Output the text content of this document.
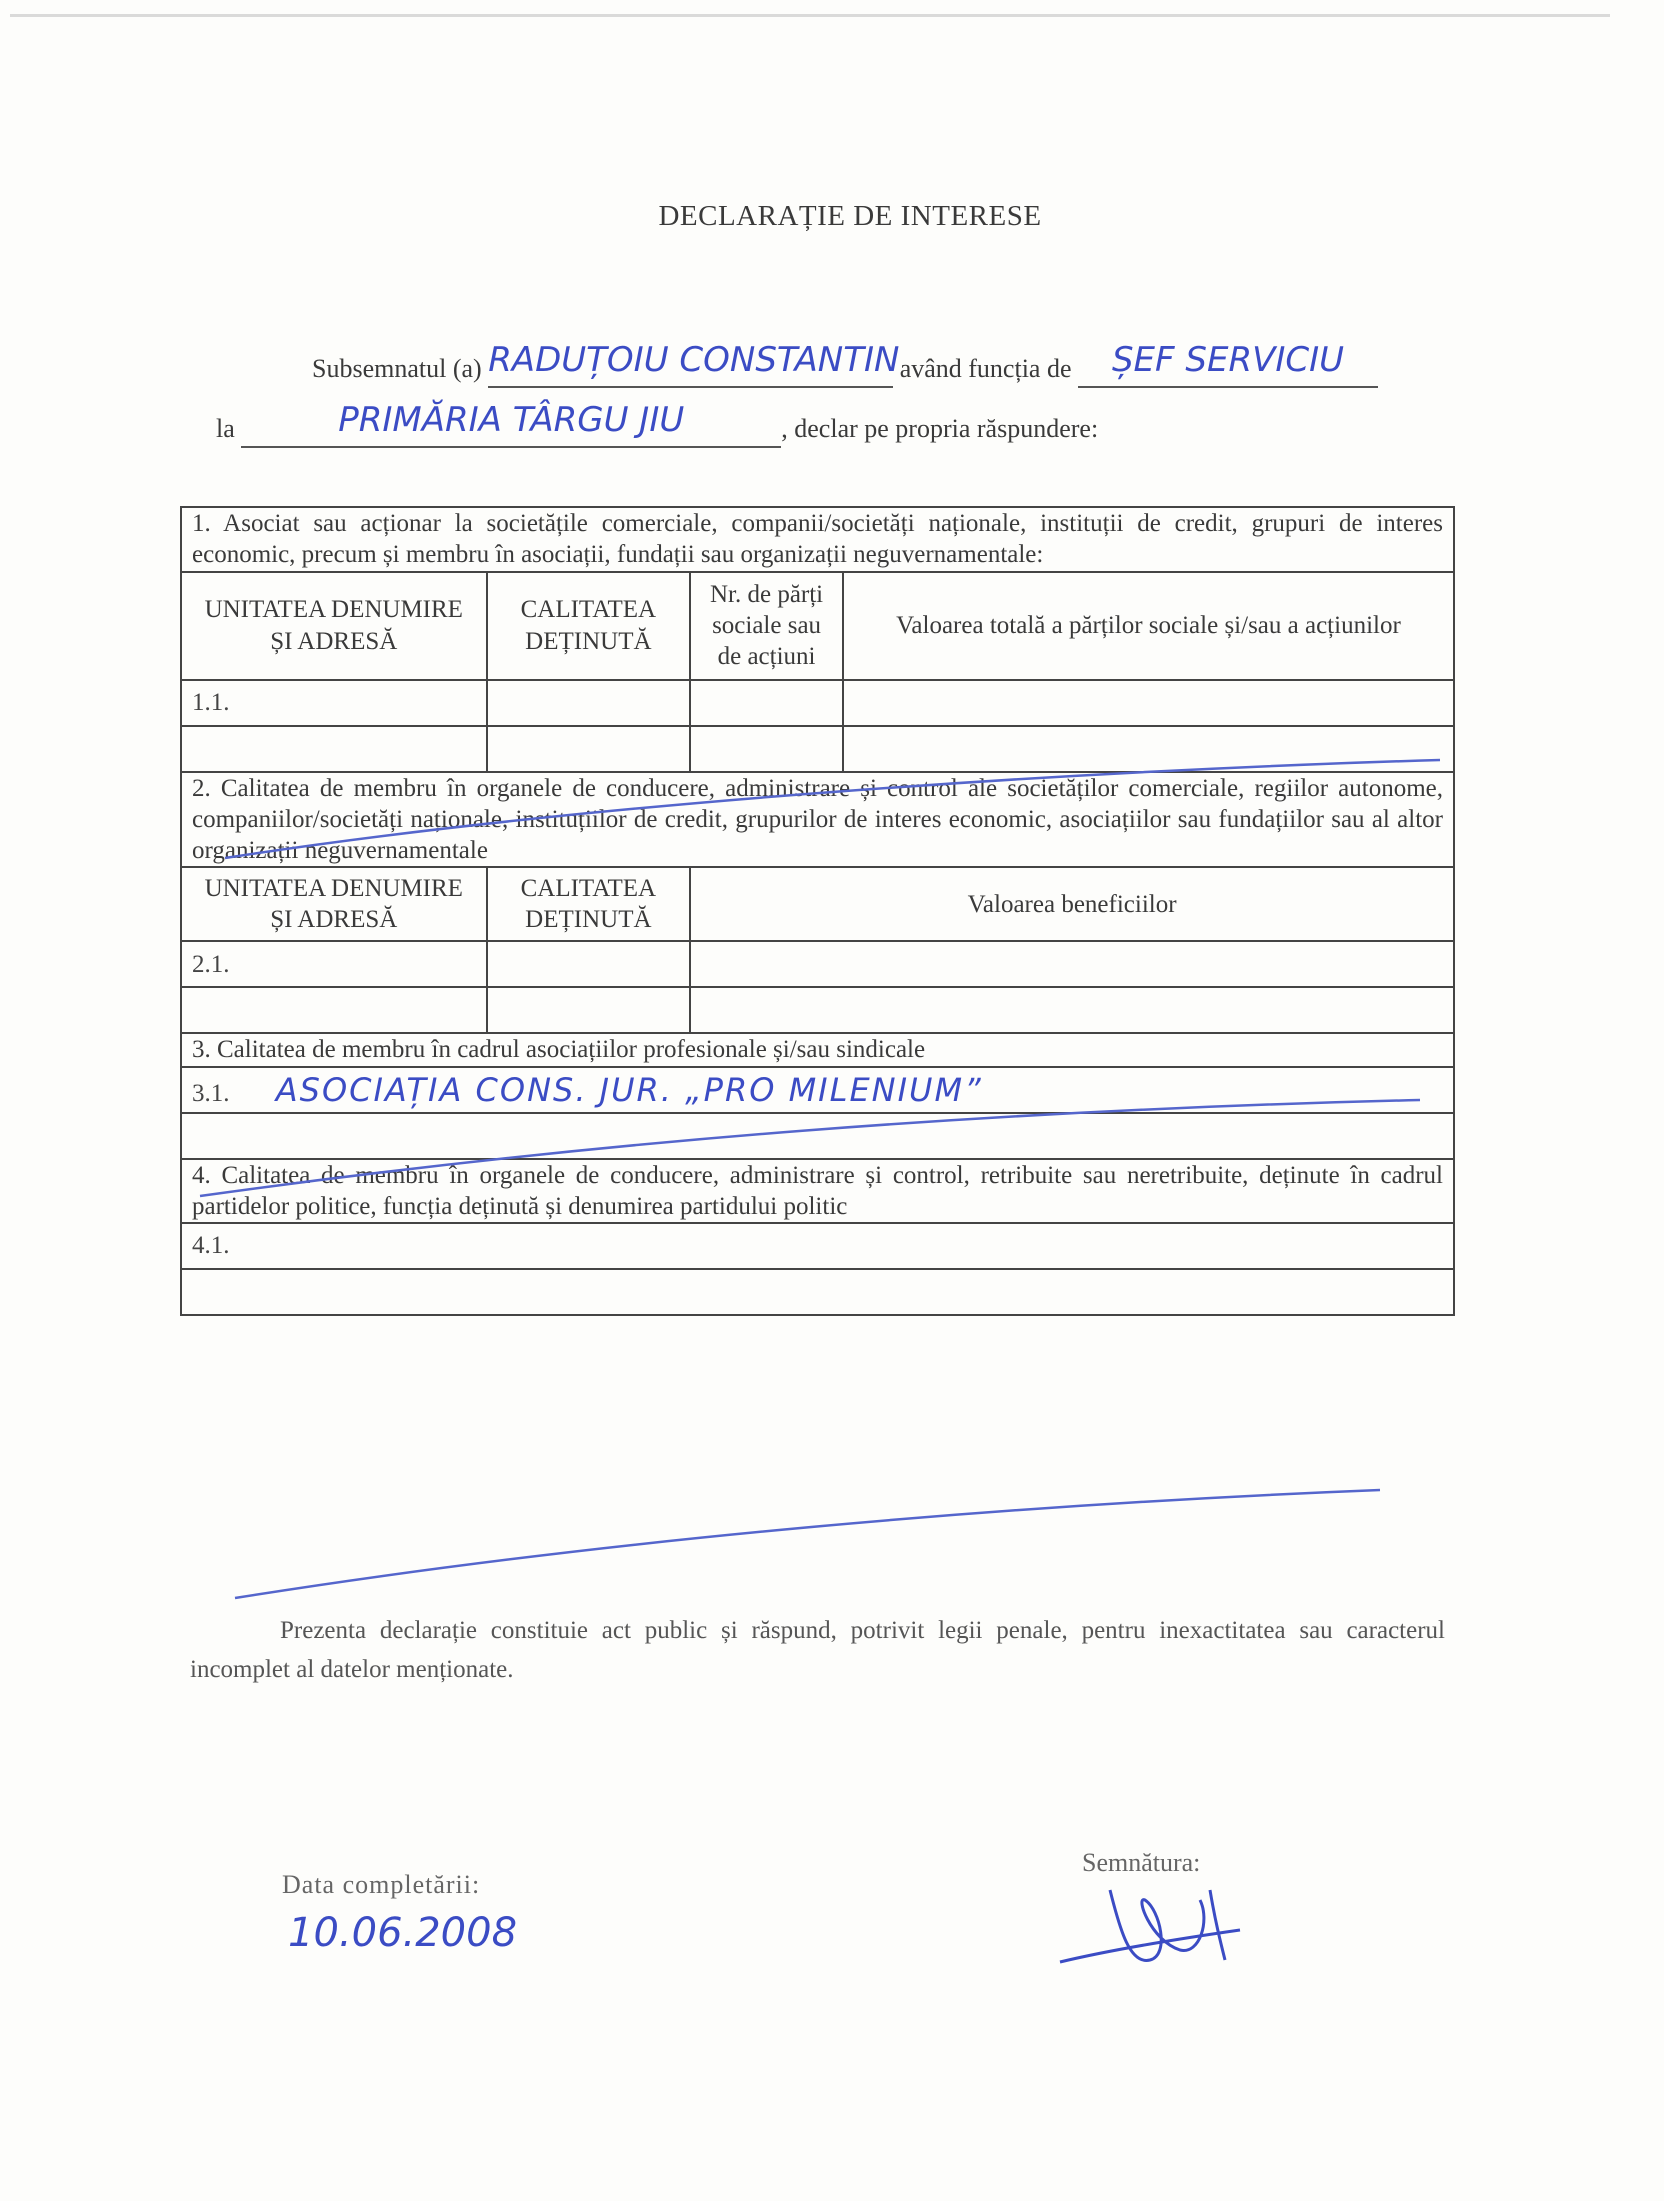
DECLARAȚIE DE INTERESE
Subsemnatul (a) RADUȚOIU CONSTANTIN având funcția de ȘEF SERVICIU
la	PRIMĂRIA TÂRGU JIU	, declar pe propria răspundere:
1. Asociat sau acționar la societățile comerciale, companii/societăți naționale, instituții de credit, grupuri de interes economic, precum și membru în asociații, fundații sau organizații neguvernamentale:			
UNITATEA DENUMIRE ȘI ADRESĂ	CALITATEA DEȚINUTĂ	Nr. de părți sociale sau de acțiuni	Valoarea totală a părților sociale și/sau a acțiunilor
1.1.			

2. Calitatea de membru în organele de conducere, administrare și control ale societăților comerciale, regiilor autonome, companiilor/societăți naționale, instituțiilor de credit, grupurilor de interes economic, asociațiilor sau fundațiilor sau al altor organizații neguvernamentale			
UNITATEA DENUMIRE ȘI ADRESĂ	CALITATEA DEȚINUTĂ	Valoarea beneficiilor	
2.1.			

3. Calitatea de membru în cadrul asociațiilor profesionale și/sau sindicale			
3.1. ASOCIAȚIA CONS. JUR. „PRO MILENIUM”			

4. Calitatea de membru în organele de conducere, administrare și control, retribuite sau neretribuite, deținute în cadrul partidelor politice, funcția deținută și denumirea partidului politic			
4.1.			

Prezenta declarație constituie act public și răspund, potrivit legii penale, pentru inexactitatea sau caracterul incomplet al datelor menționate.
Data completării:
10.06.2008
Semnătura:
